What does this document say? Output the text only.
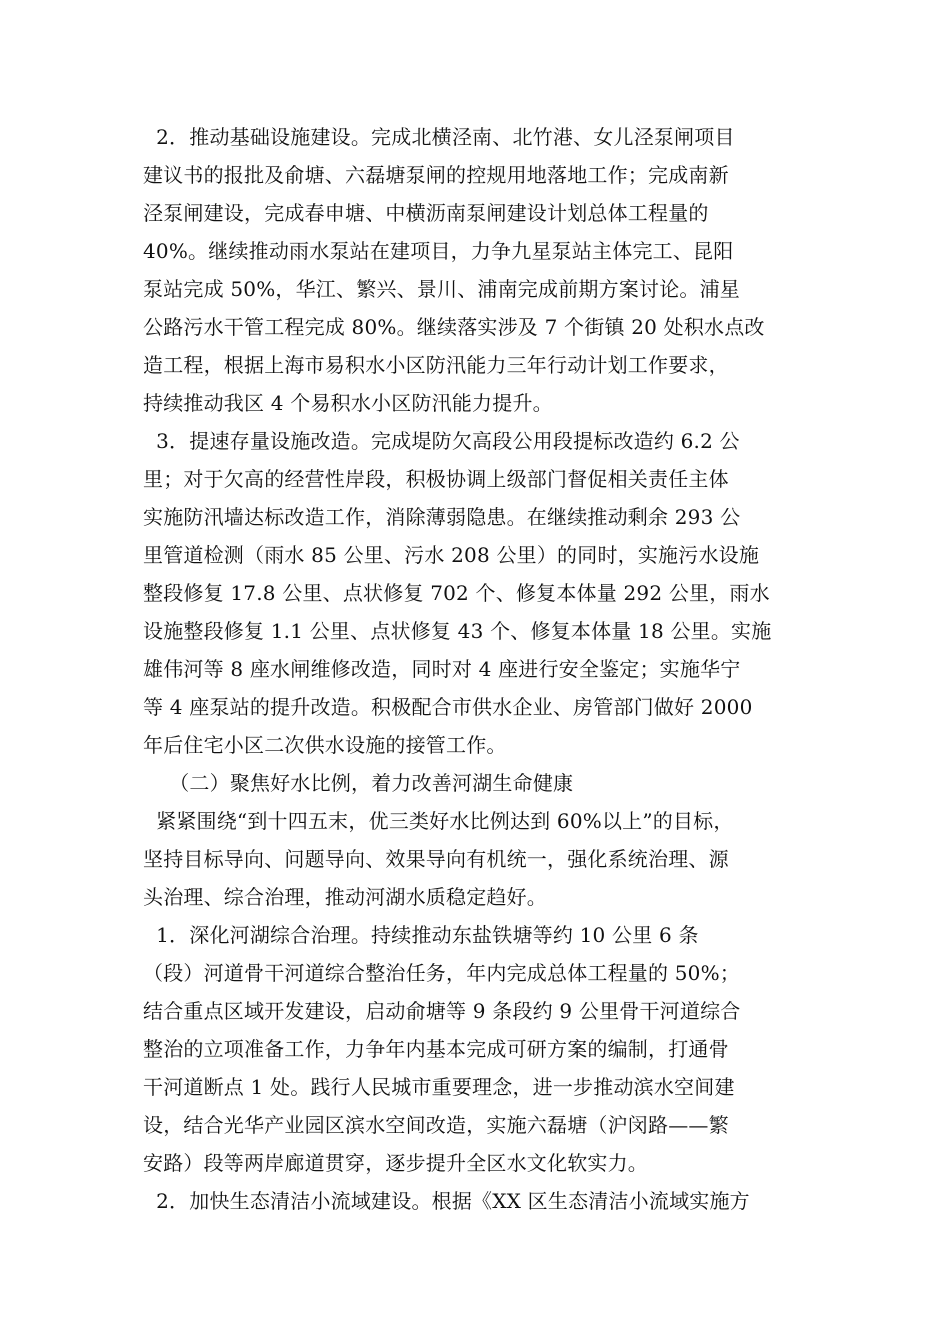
2．推动基础设施建设。完成北横泾南、北竹港、女儿泾泵闸项目
建议书的报批及俞塘、六磊塘泵闸的控规用地落地工作；完成南新
泾泵闸建设，完成春申塘、中横沥南泵闸建设计划总体工程量的
40%。继续推动雨水泵站在建项目，力争九星泵站主体完工、昆阳
泵站完成 50%，华江、繁兴、景川、浦南完成前期方案讨论。浦星
公路污水干管工程完成 80%。继续落实涉及 7 个街镇 20 处积水点改
造工程，根据上海市易积水小区防汛能力三年行动计划工作要求，
持续推动我区 4 个易积水小区防汛能力提升。
3．提速存量设施改造。完成堤防欠高段公用段提标改造约 6.2 公
里；对于欠高的经营性岸段，积极协调上级部门督促相关责任主体
实施防汛墙达标改造工作，消除薄弱隐患。在继续推动剩余 293 公
里管道检测（雨水 85 公里、污水 208 公里）的同时，实施污水设施
整段修复 17.8 公里、点状修复 702 个、修复本体量 292 公里，雨水
设施整段修复 1.1 公里、点状修复 43 个、修复本体量 18 公里。实施
雄伟河等 8 座水闸维修改造，同时对 4 座进行安全鉴定；实施华宁
等 4 座泵站的提升改造。积极配合市供水企业、房管部门做好 2000
年后住宅小区二次供水设施的接管工作。
（二）聚焦好水比例，着力改善河湖生命健康
紧紧围绕“到十四五末，优三类好水比例达到 60%以上”的目标，
坚持目标导向、问题导向、效果导向有机统一，强化系统治理、源
头治理、综合治理，推动河湖水质稳定趋好。
1．深化河湖综合治理。持续推动东盐铁塘等约 10 公里 6 条
（段）河道骨干河道综合整治任务，年内完成总体工程量的 50%；
结合重点区域开发建设，启动俞塘等 9 条段约 9 公里骨干河道综合
整治的立项准备工作，力争年内基本完成可研方案的编制，打通骨
干河道断点 1 处。践行人民城市重要理念，进一步推动滨水空间建
设，结合光华产业园区滨水空间改造，实施六磊塘（沪闵路——繁
安路）段等两岸廊道贯穿，逐步提升全区水文化软实力。
2．加快生态清洁小流域建设。根据《XX 区生态清洁小流域实施方
